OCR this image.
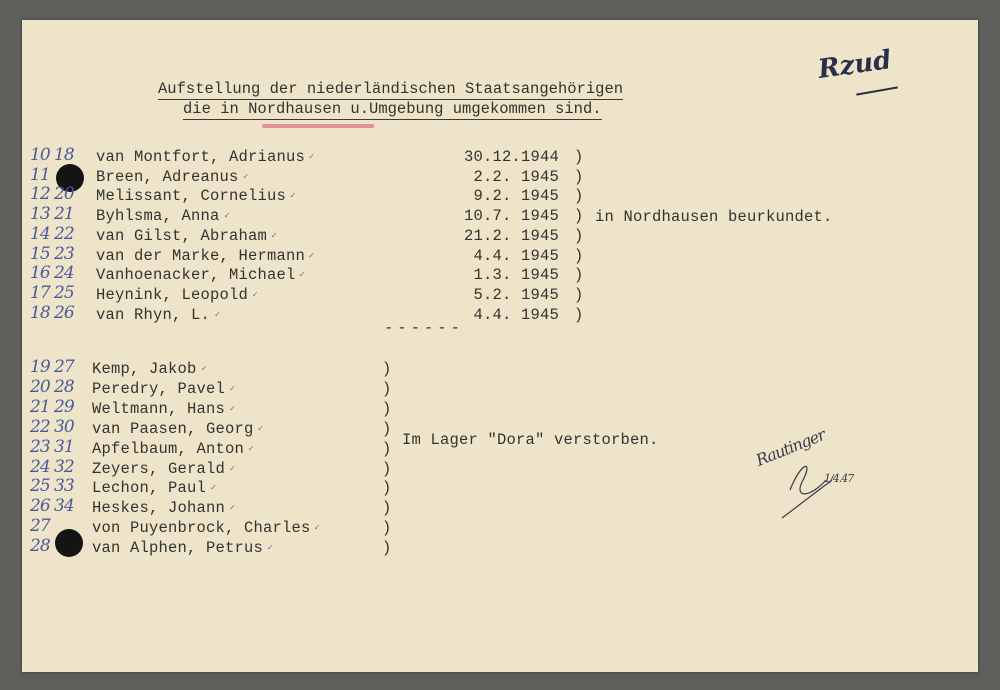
Rzud
Aufstellung der niederländischen Staatsangehörigen
die in Nordhausen u.Umgebung umgekommen sind.
10 18 van Montfort, Adrianus	30.12.1944 )
✓
11	Breen, Adreanus	2.2. 1945 )
✓
12 20 Melissant, Cornelius	9.2. 1945 )
✓
13 21 Byhlsma, Anna	10.7. 1945 )
✓
14 22 van Gilst, Abraham	21.2. 1945 )
✓
15 23 van der Marke, Hermann	4.4. 1945 )
✓
16 24 Vanhoenacker, Michael	1.3. 1945 )
✓
17 25 Heynink, Leopold	5.2. 1945 )
✓
18 26 van Rhyn, L.	4.4. 1945 )
✓
------
in Nordhausen beurkundet.
19 27 Kemp, Jakob	)
✓
20 28 Peredry, Pavel	)
✓
21 29 Weltmann, Hans	)
✓
22 30 van Paasen, Georg	)
✓
23 31 Apfelbaum, Anton	)
✓
24 32 Zeyers, Gerald	)
✓
25 33 Lechon, Paul	)
✓
26 34 Heskes, Johann	)
✓
27	von Puyenbrock, Charles	)
✓
28	van Alphen, Petrus	)
✓
Im Lager "Dora" verstorben.	Rautinger
1/4.47
